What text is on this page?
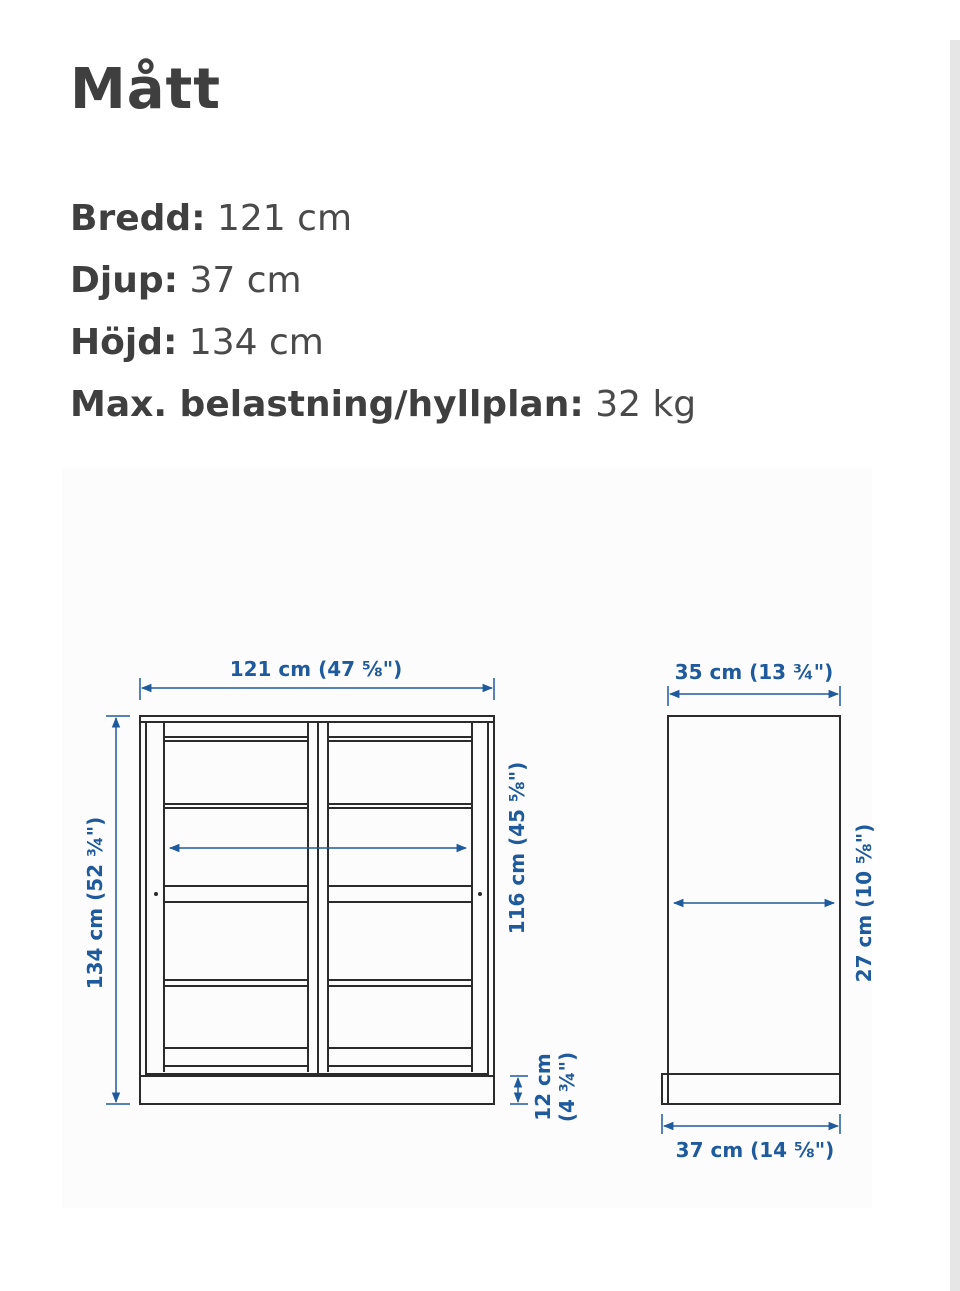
Mått
Bredd: 121 cm
Djup: 37 cm
Höjd: 134 cm
Max. belastning/hyllplan: 32 kg
121 cm (47 ⅝")
134 cm (52 ¾")	116 cm (45 ⅝")
12 cm (4 ¾")
35 cm (13 ¾")
27 cm (10 ⅝")
37 cm (14 ⅝")
